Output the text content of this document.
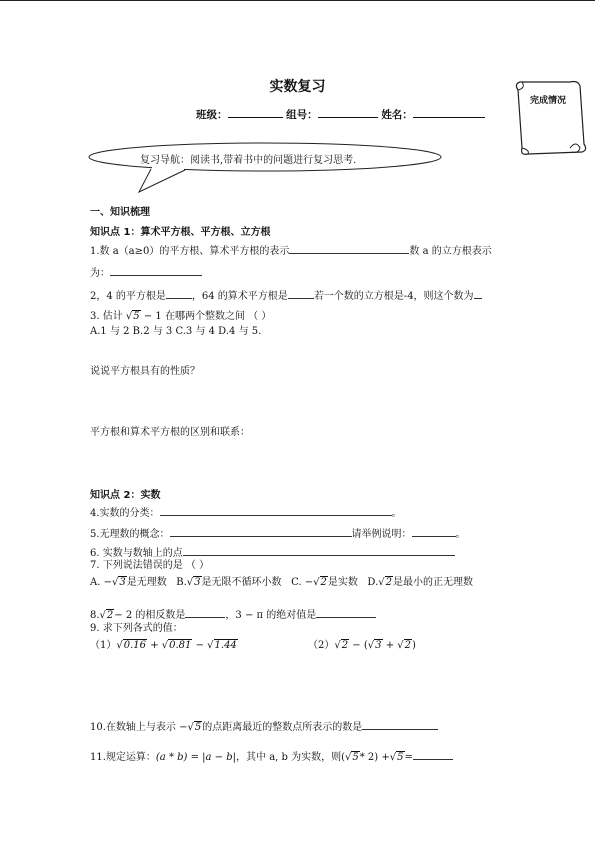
实数复习
班级：	组号：	姓名：
完成情况
复习导航：阅读书,带着书中的问题进行复习思考.
一、知识梳理
知识点 1：算术平方根、平方根、立方根
1.数 a（a≥0）的平方根、算术平方根的表示	数 a 的立方根表示
为：
2，4 的平方根是	，64 的算术平方根是	若一个数的立方根是-4，则这个数为
3. 估计 √5 − 1 在哪两个整数之间 （ ）
A.1 与 2 B.2 与 3 C.3 与 4 D.4 与 5.
说说平方根具有的性质？
平方根和算术平方根的区别和联系：
知识点 2：实数
4.实数的分类：	。
5.无理数的概念：	请举例说明：	。
6. 实数与数轴上的点
7. 下列说法错误的是 （ ）
A. −√3是无理数 B.√3是无限不循环小数 C. −√2是实数 D.√2是最小的正无理数
8.√2− 2 的相反数是	，3 − π 的绝对值是
9. 求下列各式的值：
（1）√0.16 + √0.81 − √1.44	（2）√2 − (√3 + √2)
10.在数轴上与表示 −√5的点距离最近的整数点所表示的数是
11.规定运算：(a * b) = |a − b|，其中 a, b 为实数，则(√5* 2) +√5=
